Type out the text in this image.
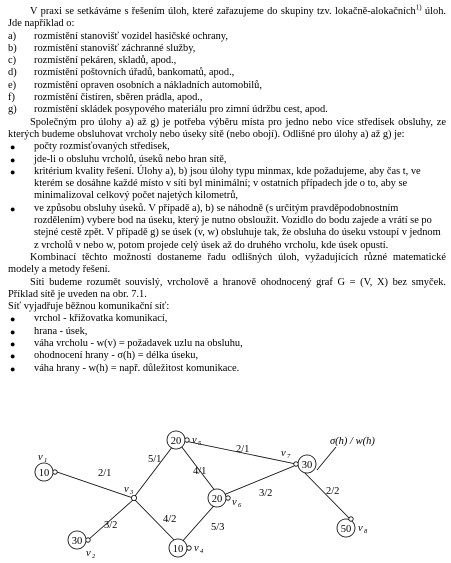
V praxi se setkáváme s řešením úloh, které zařazujeme do skupiny tzv. lokačně-alokačních$^{1)}$ úloh. Jde například o:

a) rozmístění stanovišť vozidel hasičské ochrany,
b) rozmístění stanovišť záchranné služby,
c) rozmístění pekáren, skladů, apod.,
d) rozmístění poštovních úřadů, bankomatů, apod.,
e) rozmístění opraven osobních a nákladních automobilů,
f) rozmístění čistíren, sběren prádla, apod.,
g) rozmístění skládek posypového materiálu pro zimní údržbu cest, apod.

Společným pro úlohy a) až g) je potřeba výběru místa pro jedno nebo více středisek obsluhy, ze kterých budeme obsluhovat vrcholy nebo úseky sítě (nebo obojí). Odlišné pro úlohy a) až g) je:

● počty rozmisťovaných středisek,
● jde-li o obsluhu vrcholů, úseků nebo hran sítě,
● kritérium kvality řešení. Úlohy a), b) jsou úlohy typu minmax, kde požadujeme, aby čas t, ve kterém se dosáhne každé místo v síti byl minimální; v ostatních případech jde o to, aby se minimalizoval celkový počet najetých kilometrů,
● ve způsobu obsluhy úseků. V případě a), b) se náhodně (s určitým pravděpodobnostním rozdělením) vybere bod na úseku, který je nutno obsloužit. Vozidlo do bodu zajede a vrátí se po stejné cestě zpět. V případě g) se úsek (v, w) obsluhuje tak, že obsluha do úseku vstoupí v jednom z vrcholů v nebo w, potom projede celý úsek až do druhého vrcholu, kde úsek opustí.

Kombinací těchto možností dostaneme řadu odlišných úloh, vyžadujících různé matematické modely a metody řešení.

Síti budeme rozumět souvislý, vrcholově a hranově ohodnocený graf G = (V, X) bez smyček. Příklad sítě je uveden na obr. 7.1.

Síť vyjadřuje běžnou komunikační síť:

● vrchol - křižovatka komunikací,
● hrana - úsek,
● váha vrcholu - w(v) = požadavek uzlu na obsluhu,
● ohodnocení hrany - σ(h) = délka úseku,
● váha hrany - w(h) = např. důležitost komunikace.
2/1
5/1
4/1
2/1
3/2	2/2
3/2
4/2
5/3
σ(h) / w(h)
10
v 1
30
v 2
v 3
10 v 4
20 v 5
20 v 6
30
v 7
50 v 8
